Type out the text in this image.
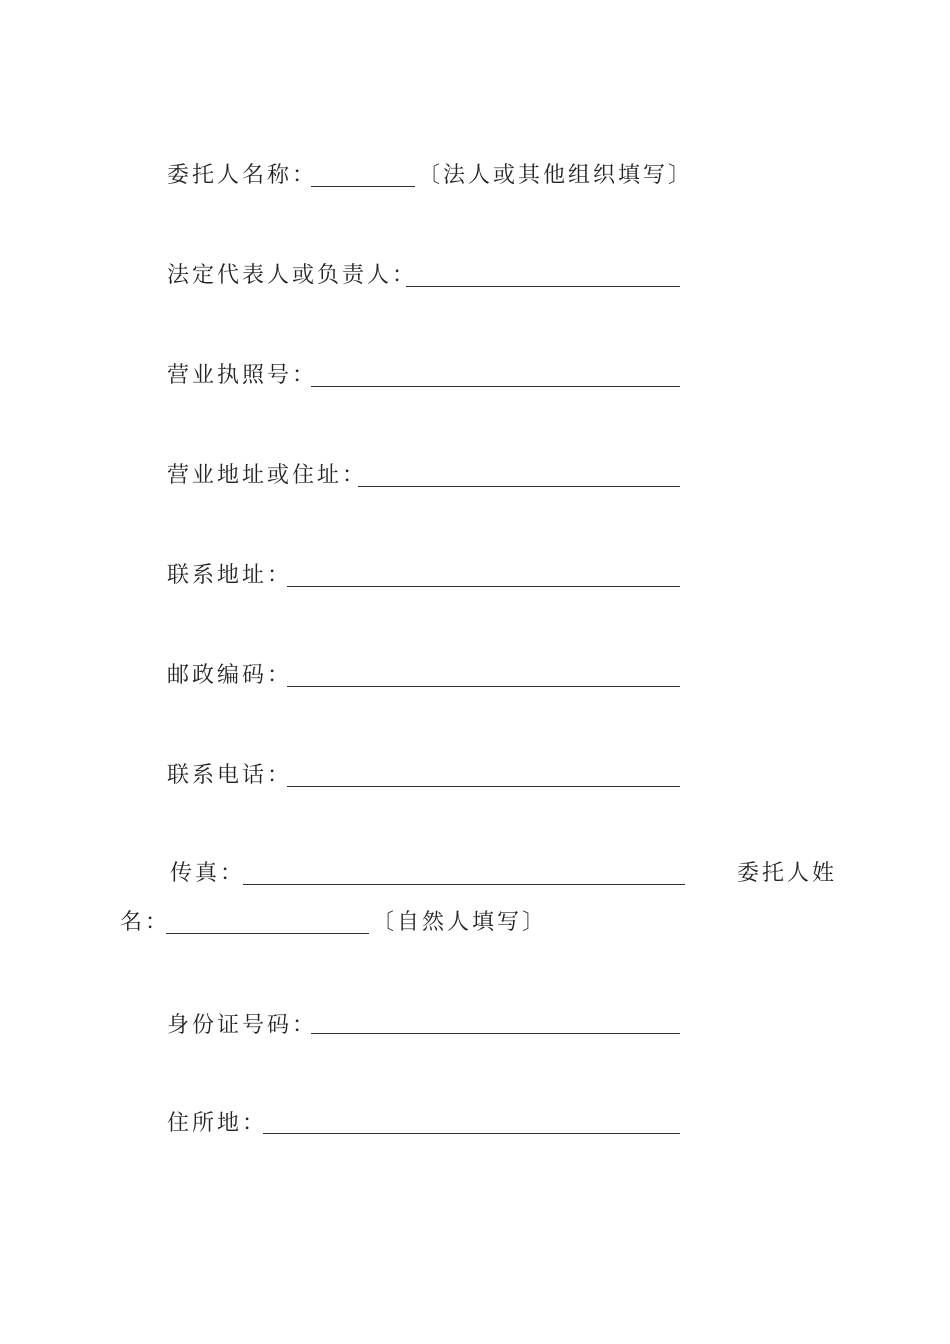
委托人名称：	〔法人或其他组织填写〕
法定代表人或负责人：
营业执照号：
营业地址或住址：
联系地址：
邮政编码：
联系电话：
传真：	委托人姓
名：	〔自然人填写〕
身份证号码：
住所地：
